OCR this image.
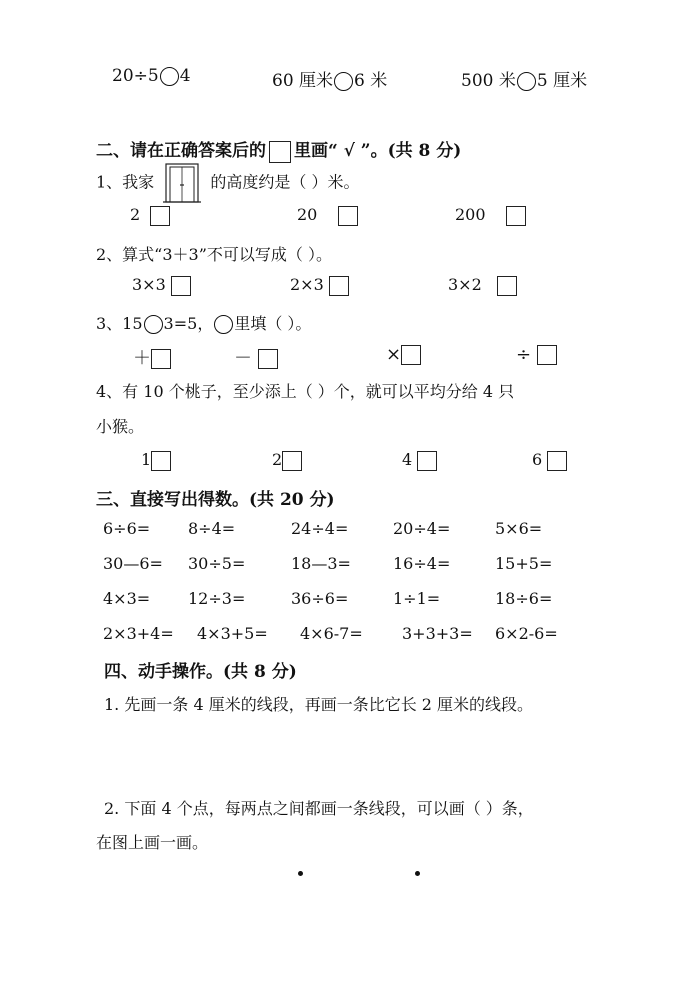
20÷5 4	60 厘米 6 米	500 米 5 厘米
二、请在正确答案后的 里画“ √ ”。(共 8 分)
1、我家	的高度约是（ ）米。
2	20	200
2、算式“3＋3”不可以写成（ ）。
3×3	2×3	3×2
3、15 3=5， 里填（ ）。
＋	－	×	÷
4、有 10 个桃子，至少添上（ ）个，就可以平均分给 4 只
小猴。
1	2	4	6
三、直接写出得数。(共 20 分)
6÷6= 8÷4=	24÷4=	20÷4=	5×6=
30—6= 30÷5=	18—3=	16÷4=	15+5=
4×3= 12÷3=	36÷6=	1÷1=	18÷6=
2×3+4= 4×3+5= 4×6-7= 3+3+3= 6×2-6=
四、动手操作。(共 8 分)
1. 先画一条 4 厘米的线段，再画一条比它长 2 厘米的线段。
2. 下面 4 个点，每两点之间都画一条线段，可以画（ ）条，
在图上画一画。
